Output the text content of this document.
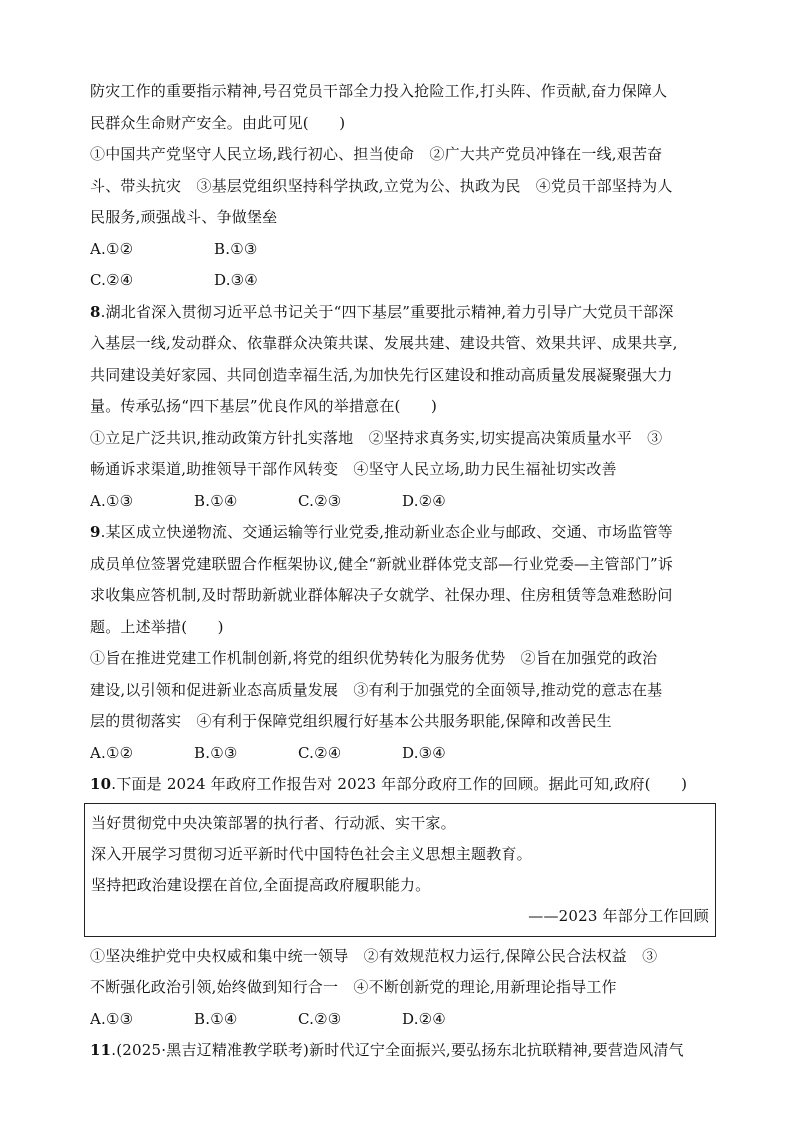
防灾工作的重要指示精神,号召党员干部全力投入抢险工作,打头阵、作贡献,奋力保障人
民群众生命财产安全。由此可见(　　)
①中国共产党坚守人民立场,践行初心、担当使命　②广大共产党员冲锋在一线,艰苦奋
斗、带头抗灾　③基层党组织坚持科学执政,立党为公、执政为民　④党员干部坚持为人
民服务,顽强战斗、争做堡垒
A.①②	B.①③
C.②④	D.③④
8.湖北省深入贯彻习近平总书记关于“四下基层”重要批示精神,着力引导广大党员干部深
入基层一线,发动群众、依靠群众决策共谋、发展共建、建设共管、效果共评、成果共享,
共同建设美好家园、共同创造幸福生活,为加快先行区建设和推动高质量发展凝聚强大力
量。传承弘扬“四下基层”优良作风的举措意在(　　)
①立足广泛共识,推动政策方针扎实落地　②坚持求真务实,切实提高决策质量水平　③
畅通诉求渠道,助推领导干部作风转变　④坚守人民立场,助力民生福祉切实改善
A.①③	B.①④	C.②③	D.②④
9.某区成立快递物流、交通运输等行业党委,推动新业态企业与邮政、交通、市场监管等
成员单位签署党建联盟合作框架协议,健全“新就业群体党支部—行业党委—主管部门”诉
求收集应答机制,及时帮助新就业群体解决子女就学、社保办理、住房租赁等急难愁盼问
题。上述举措(　　)
①旨在推进党建工作机制创新,将党的组织优势转化为服务优势　②旨在加强党的政治
建设,以引领和促进新业态高质量发展　③有利于加强党的全面领导,推动党的意志在基
层的贯彻落实　④有利于保障党组织履行好基本公共服务职能,保障和改善民生
A.①②	B.①③	C.②④	D.③④
10.下面是 2024 年政府工作报告对 2023 年部分政府工作的回顾。据此可知,政府(　　)
当好贯彻党中央决策部署的执行者、行动派、实干家。
深入开展学习贯彻习近平新时代中国特色社会主义思想主题教育。
坚持把政治建设摆在首位,全面提高政府履职能力。
——2023 年部分工作回顾
①坚决维护党中央权威和集中统一领导　②有效规范权力运行,保障公民合法权益　③
不断强化政治引领,始终做到知行合一　④不断创新党的理论,用新理论指导工作
A.①③	B.①④	C.②③	D.②④
11.(2025·黑吉辽精准教学联考)新时代辽宁全面振兴,要弘扬东北抗联精神,要营造风清气
